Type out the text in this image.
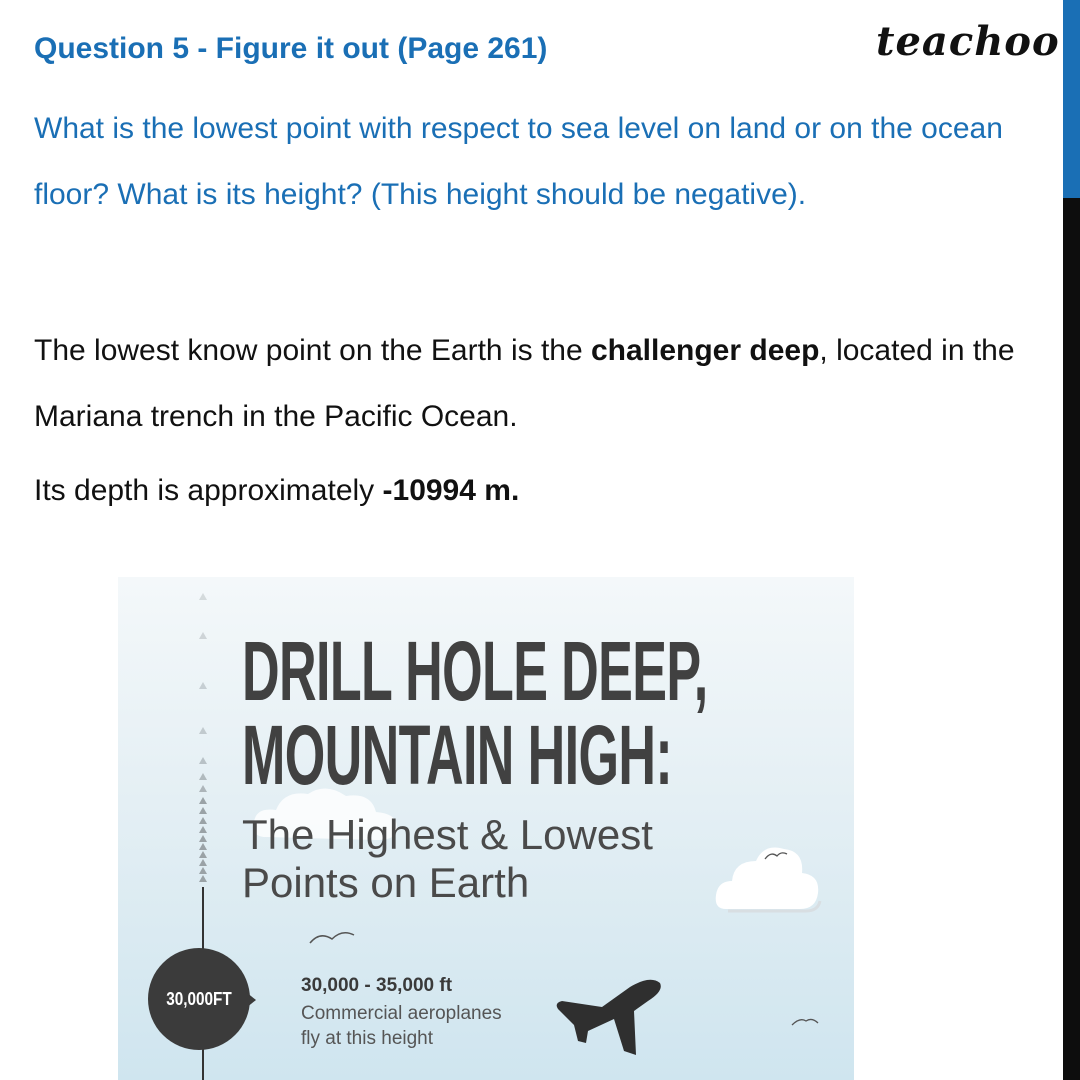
Question 5 - Figure it out (Page 261)	teachoo
What is the lowest point with respect to sea level on land or on the ocean floor? What is its height? (This height should be negative).
The lowest know point on the Earth is the challenger deep, located in the Mariana trench in the Pacific Ocean.
Its depth is approximately -10994 m.
DRILL HOLE DEEP,
MOUNTAIN HIGH:
The Highest & Lowest
Points on Earth
30,000FT
30,000 - 35,000 ft
Commercial aeroplanes
fly at this height
